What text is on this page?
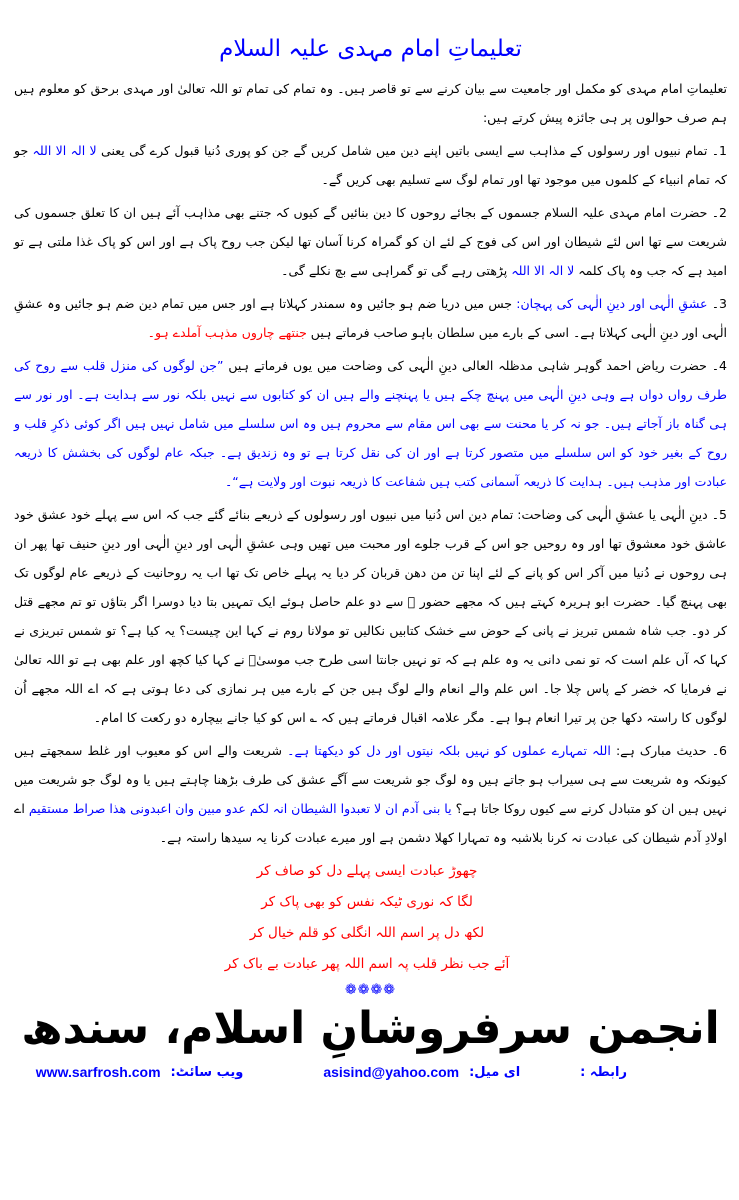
تعلیماتِ امام مہدی علیہ السلام

تعلیماتِ امام مہدی کو مکمل اور جامعیت سے بیان کرنے سے تو قاصر ہیں۔ وہ تمام کی تمام تو اللہ تعالیٰ اور مہدی برحق کو معلوم ہیں ہم صرف حوالوں پر ہی جائزہ پیش کرتے ہیں:

1۔ تمام نبیوں اور رسولوں کے مذاہب سے ایسی باتیں اپنے دین میں شامل کریں گے جن کو پوری دُنیا قبول کرے گی یعنی لا الہ الا اللہ جو کہ تمام انبیاء کے کلموں میں موجود تھا اور تمام لوگ سے تسلیم بھی کریں گے۔

2۔ حضرت امام مہدی علیہ السلام جسموں کے بجائے روحوں کا دین بنائیں گے کیوں کہ جتنے بھی مذاہب آئے ہیں ان کا تعلق جسموں کی شریعت سے تھا اس لئے شیطان اور اس کی فوج کے لئے ان کو گمراہ کرنا آسان تھا لیکن جب روح پاک ہے اور اس کو پاک غذا ملتی ہے تو امید ہے کہ جب وہ پاک کلمہ لا الہ الا اللہ پڑھتی رہے گی تو گمراہی سے بچ نکلے گی۔

3۔ عشقِ الٰہی اور دینِ الٰہی کی پہچان: جس میں دریا ضم ہو جائیں وہ سمندر کہلاتا ہے اور جس میں تمام دین ضم ہو جائیں وہ عشقِ الٰہی اور دینِ الٰہی کہلاتا ہے۔ اسی کے بارے میں سلطان باہو صاحب فرماتے ہیں جنتھے چاروں مذہب آملدے ہو۔

4۔ حضرت ریاض احمد گوہر شاہی مدظلہ العالی دینِ الٰہی کی وضاحت میں یوں فرماتے ہیں ”جن لوگوں کی منزل قلب سے روح کی طرف رواں دواں ہے وہی دینِ الٰہی میں پہنچ چکے ہیں یا پہنچنے والے ہیں ان کو کتابوں سے نہیں بلکہ نور سے ہدایت ہے۔ اور نور سے ہی گناہ باز آجاتے ہیں۔ جو نہ کر یا محنت سے بھی اس مقام سے محروم ہیں وہ اس سلسلے میں شامل نہیں ہیں اگر کوئی ذکرِ قلب و روح کے بغیر خود کو اس سلسلے میں متصور کرتا ہے اور ان کی نقل کرتا ہے تو وہ زندیق ہے۔ جبکہ عام لوگوں کی بخشش کا ذریعہ عبادت اور مذہب ہیں۔ ہدایت کا ذریعہ آسمانی کتب ہیں شفاعت کا ذریعہ نبوت اور ولایت ہے“۔

5۔ دینِ الٰہی یا عشقِ الٰہی کی وضاحت: تمام دین اس دُنیا میں نبیوں اور رسولوں کے ذریعے بنائے گئے جب کہ اس سے پہلے خود عشق خود عاشق خود معشوق تھا اور وہ روحیں جو اس کے قرب جلوے اور محبت میں تھیں وہی عشقِ الٰہی اور دینِ الٰہی اور دینِ حنیف تھا پھر ان ہی روحوں نے دُنیا میں آکر اس کو پانے کے لئے اپنا تن من دھن قربان کر دیا یہ پہلے خاص تک تھا اب یہ روحانیت کے ذریعے عام لوگوں تک بھی پہنچ گیا۔ حضرت ابو ہریرہ کہتے ہیں کہ مجھے حضور ﷺ سے دو علم حاصل ہوئے ایک تمہیں بتا دیا دوسرا اگر بتاؤں تو تم مجھے قتل کر دو۔ جب شاہ شمس تبریز نے پانی کے حوض سے خشک کتابیں نکالیں تو مولانا روم نے کہا این چیست؟ یہ کیا ہے؟ تو شمس تبریزی نے کہا کہ آں علم است کہ تو نمی دانی یہ وہ علم ہے کہ تو نہیں جانتا اسی طرح جب موسیٰؑ نے کہا کیا کچھ اور علم بھی ہے تو اللہ تعالیٰ نے فرمایا کہ خضر کے پاس چلا جا۔ اس علم والے انعام والے لوگ ہیں جن کے بارے میں ہر نمازی کی دعا ہوتی ہے کہ اے اللہ مجھے اُن لوگوں کا راستہ دکھا جن پر تیرا انعام ہوا ہے۔ مگر علامہ اقبال فرماتے ہیں کہ ؎ اس کو کیا جانے بیچارہ دو رکعت کا امام۔

6۔ حدیث مبارک ہے: اللہ تمہارے عملوں کو نہیں بلکہ نیتوں اور دل کو دیکھتا ہے۔ شریعت والے اس کو معیوب اور غلط سمجھتے ہیں کیونکہ وہ شریعت سے ہی سیراب ہو جاتے ہیں وہ لوگ جو شریعت سے آگے عشق کی طرف بڑھنا چاہتے ہیں یا وہ لوگ جو شریعت میں نہیں ہیں ان کو متبادل کرنے سے کیوں روکا جاتا ہے؟ یا بنی آدم ان لا تعبدوا الشیطان انہ لکم عدو مبین وان اعبدونی ھذا صراط مستقیم اے اولادِ آدم شیطان کی عبادت نہ کرنا بلاشبہ وہ تمہارا کھلا دشمن ہے اور میرے عبادت کرنا یہ سیدھا راستہ ہے۔

چھوڑ عبادت ایسی پہلے دل کو صاف کر
لگا کہ نوری ٹیکہ نفس کو بھی پاک کر
لکھ دل پر اسم اللہ انگلی کو قلم خیال کر
آئے جب نظر قلب پہ اسم اللہ پھر عبادت بے باک کر
❁❁❁❁
انجمن سرفروشانِ اسلام، سندھ
رابطہ :
ای میل:
asisind@yahoo.com
ویب سائٹ:
www.sarfrosh.com
